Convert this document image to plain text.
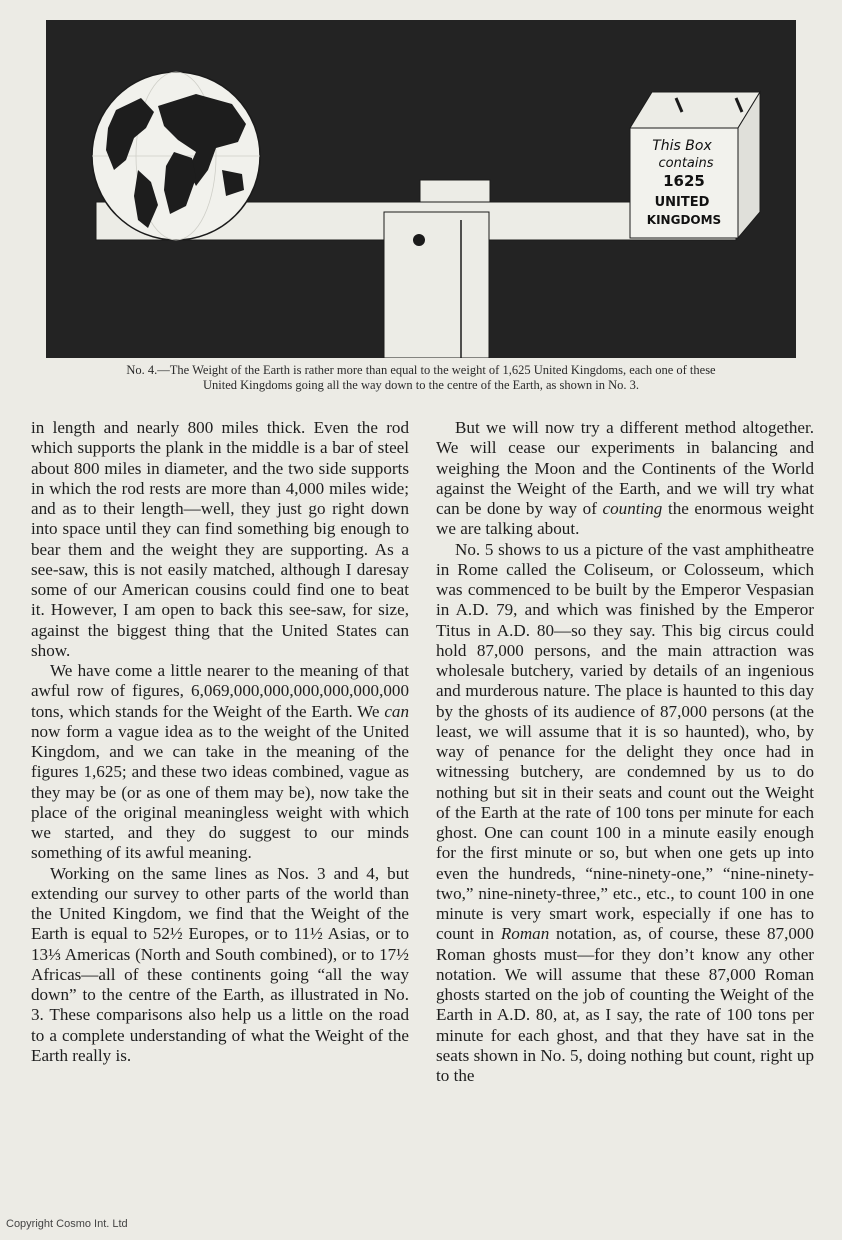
This Box
contains
1625
UNITED
KINGDOMS
No. 4.—The Weight of the Earth is rather more than equal to the weight of 1,625 United Kingdoms, each one of these
United Kingdoms going all the way down to the centre of the Earth, as shown in No. 3.

in length and nearly 800 miles thick. Even the rod which supports the plank in the middle is a bar of steel about 800 miles in diameter, and the two side supports in which the rod rests are more than 4,000 miles wide; and as to their length—well, they just go right down into space until they can find something big enough to bear them and the weight they are supporting. As a see-saw, this is not easily matched, although I daresay some of our American cousins could find one to beat it. However, I am open to back this see-saw, for size, against the biggest thing that the United States can show.

We have come a little nearer to the meaning of that awful row of figures, 6,069,000,000,000,000,000,000 tons, which stands for the Weight of the Earth. We can now form a vague idea as to the weight of the United Kingdom, and we can take in the meaning of the figures 1,625; and these two ideas combined, vague as they may be (or as one of them may be), now take the place of the original meaningless weight with which we started, and they do suggest to our minds something of its awful meaning.

Working on the same lines as Nos. 3 and 4, but extending our survey to other parts of the world than the United Kingdom, we find that the Weight of the Earth is equal to 52½ Europes, or to 11½ Asias, or to 13⅓ Americas (North and South combined), or to 17½ Africas—all of these continents going “all the way down” to the centre of the Earth, as illustrated in No. 3. These comparisons also help us a little on the road to a complete understanding of what the Weight of the Earth really is.

But we will now try a different method altogether. We will cease our experiments in balancing and weighing the Moon and the Continents of the World against the Weight of the Earth, and we will try what can be done by way of counting the enormous weight we are talking about.

No. 5 shows to us a picture of the vast amphitheatre in Rome called the Coliseum, or Colosseum, which was commenced to be built by the Emperor Vespasian in A.D. 79, and which was finished by the Emperor Titus in A.D. 80—so they say. This big circus could hold 87,000 persons, and the main attraction was wholesale butchery, varied by details of an ingenious and murderous nature. The place is haunted to this day by the ghosts of its audience of 87,000 persons (at the least, we will assume that it is so haunted), who, by way of penance for the delight they once had in witnessing butchery, are condemned by us to do nothing but sit in their seats and count out the Weight of the Earth at the rate of 100 tons per minute for each ghost. One can count 100 in a minute easily enough for the first minute or so, but when one gets up into even the hundreds, “nine-ninety-one,” “nine-ninety-two,” nine-ninety-three,” etc., etc., to count 100 in one minute is very smart work, especially if one has to count in Roman notation, as, of course, these 87,000 Roman ghosts must—for they don’t know any other notation. We will assume that these 87,000 Roman ghosts started on the job of counting the Weight of the Earth in A.D. 80, at, as I say, the rate of 100 tons per minute for each ghost, and that they have sat in the seats shown in No. 5, doing nothing but count, right up to the

Copyright Cosmo Int. Ltd
